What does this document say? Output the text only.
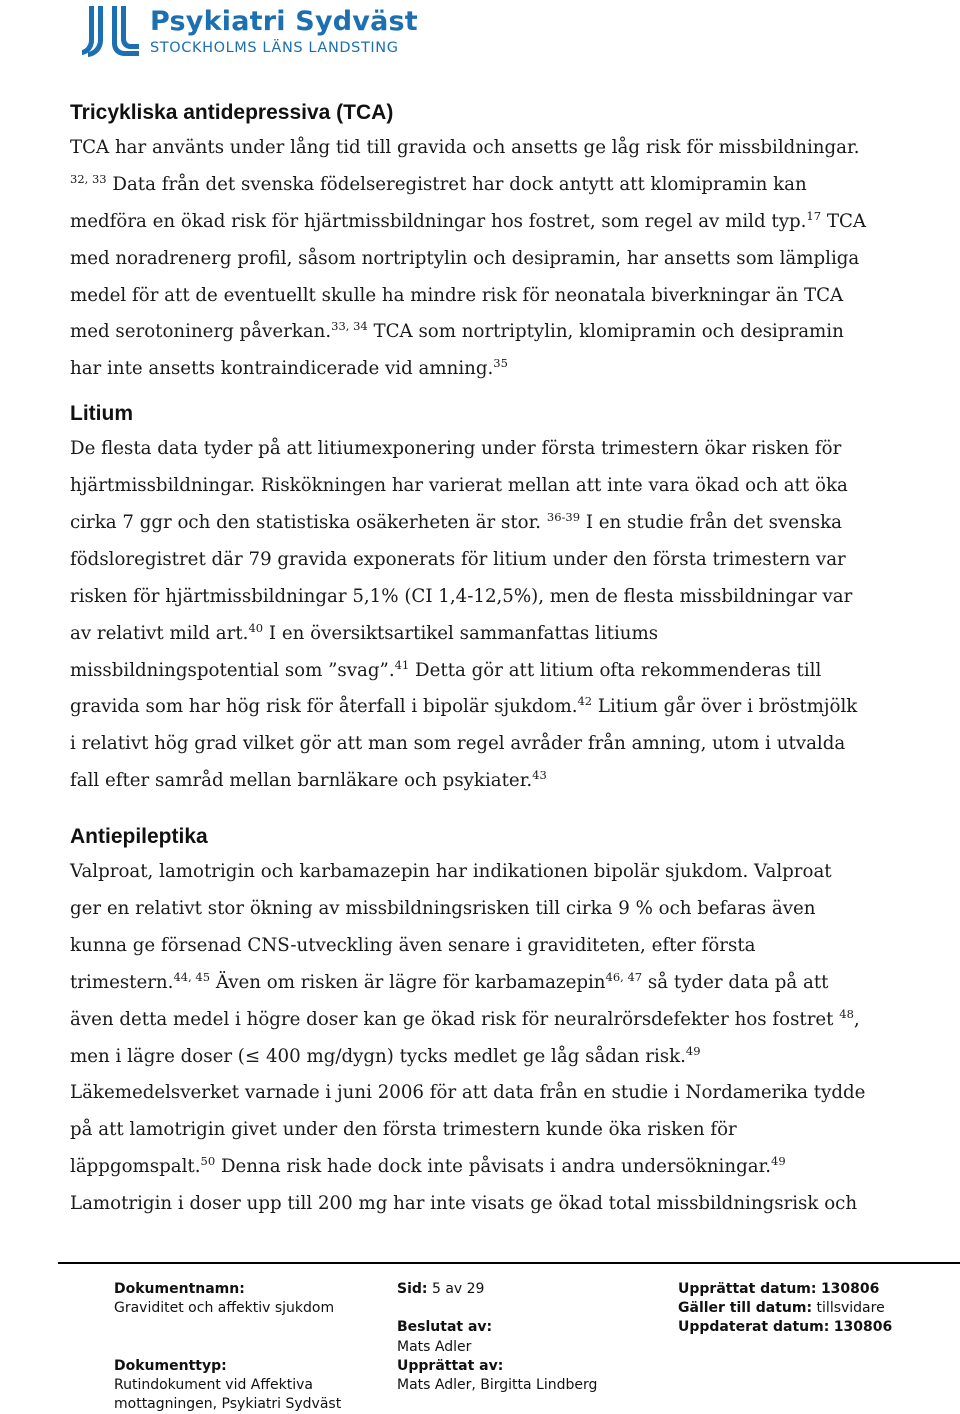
Psykiatri Sydväst
STOCKHOLMS LÄNS LANDSTING
Tricykliska antidepressiva (TCA)
TCA har använts under lång tid till gravida och ansetts ge låg risk för missbildningar.
$^{32, 33}$ Data från det svenska födelseregistret har dock antytt att klomipramin kan
medföra en ökad risk för hjärtmissbildningar hos fostret, som regel av mild typ.$^{17}$ TCA
med noradrenerg profil, såsom nortriptylin och desipramin, har ansetts som lämpliga
medel för att de eventuellt skulle ha mindre risk för neonatala biverkningar än TCA
med serotoninerg påverkan.$^{33, 34}$ TCA som nortriptylin, klomipramin och desipramin
har inte ansetts kontraindicerade vid amning.$^{35}$
Litium
De flesta data tyder på att litiumexponering under första trimestern ökar risken för
hjärtmissbildningar. Riskökningen har varierat mellan att inte vara ökad och att öka
cirka 7 ggr och den statistiska osäkerheten är stor. $^{36-39}$ I en studie från det svenska
födsloregistret där 79 gravida exponerats för litium under den första trimestern var
risken för hjärtmissbildningar 5,1% (CI 1,4-12,5%), men de flesta missbildningar var
av relativt mild art.$^{40}$ I en översiktsartikel sammanfattas litiums
missbildningspotential som ”svag”.$^{41}$ Detta gör att litium ofta rekommenderas till
gravida som har hög risk för återfall i bipolär sjukdom.$^{42}$ Litium går över i bröstmjölk
i relativt hög grad vilket gör att man som regel avråder från amning, utom i utvalda
fall efter samråd mellan barnläkare och psykiater.$^{43}$
Antiepileptika
Valproat, lamotrigin och karbamazepin har indikationen bipolär sjukdom. Valproat
ger en relativt stor ökning av missbildningsrisken till cirka 9 % och befaras även
kunna ge försenad CNS-utveckling även senare i graviditeten, efter första
trimestern.$^{44, 45}$ Även om risken är lägre för karbamazepin$^{46, 47}$ så tyder data på att
även detta medel i högre doser kan ge ökad risk för neuralrörsdefekter hos fostret $^{48}$,
men i lägre doser (≤ 400 mg/dygn) tycks medlet ge låg sådan risk.$^{49}$
Läkemedelsverket varnade i juni 2006 för att data från en studie i Nordamerika tydde
på att lamotrigin givet under den första trimestern kunde öka risken för
läppgomspalt.$^{50}$ Denna risk hade dock inte påvisats i andra undersökningar.$^{49}$
Lamotrigin i doser upp till 200 mg har inte visats ge ökad total missbildningsrisk och
Dokumentnamn:
Graviditet och affektiv sjukdom
Dokumenttyp:
Rutindokument vid Affektiva
mottagningen, Psykiatri Sydväst
Sid: 5 av 29
Beslutat av:
Mats Adler
Upprättat av:
Mats Adler, Birgitta Lindberg
Upprättat datum: 130806
Gäller till datum: tillsvidare
Uppdaterat datum: 130806
